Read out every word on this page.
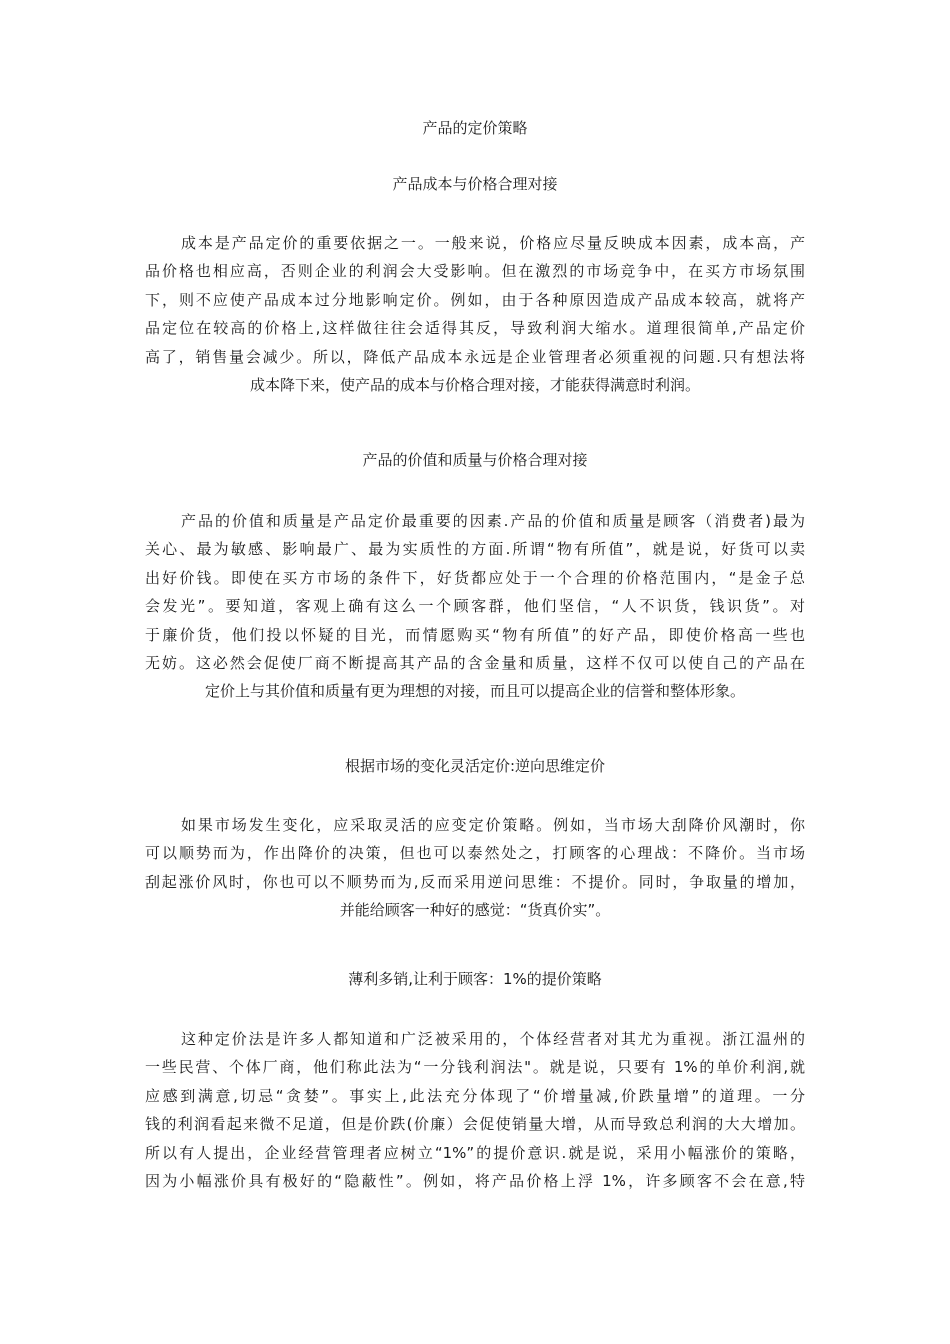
产品的定价策略
产品成本与价格合理对接
成本是产品定价的重要依据之一。一般来说，价格应尽量反映成本因素，成本高，产
品价格也相应高，否则企业的利润会大受影响。但在激烈的市场竞争中，在买方市场氛围
下，则不应使产品成本过分地影响定价。例如，由于各种原因造成产品成本较高，就将产
品定位在较高的价格上,这样做往往会适得其反，导致利润大缩水。道理很简单,产品定价
高了，销售量会减少。所以，降低产品成本永远是企业管理者必须重视的问题.只有想法将
成本降下来，使产品的成本与价格合理对接，才能获得满意时利润。
产品的价值和质量与价格合理对接
产品的价值和质量是产品定价最重要的因素.产品的价值和质量是顾客（消费者)最为
关心、最为敏感、影响最广、最为实质性的方面.所谓“物有所值”，就是说，好货可以卖
出好价钱。即使在买方市场的条件下，好货都应处于一个合理的价格范围内，“是金子总
会发光”。要知道，客观上确有这么一个顾客群，他们坚信，“人不识货，钱识货”。对
于廉价货，他们投以怀疑的目光，而情愿购买“物有所值”的好产品，即使价格高一些也
无妨。这必然会促使厂商不断提高其产品的含金量和质量，这样不仅可以使自己的产品在
定价上与其价值和质量有更为理想的对接，而且可以提高企业的信誉和整体形象。
根据市场的变化灵活定价:逆向思维定价
如果市场发生变化，应采取灵活的应变定价策略。例如，当市场大刮降价风潮时，你
可以顺势而为，作出降价的决策，但也可以泰然处之，打顾客的心理战：不降价。当市场
刮起涨价风时，你也可以不顺势而为,反而采用逆问思维：不提价。同时，争取量的增加，
并能给顾客一种好的感觉：“货真价实”。
薄利多销,让利于顾客：1%的提价策略
这种定价法是许多人都知道和广泛被采用的，个体经营者对其尤为重视。浙江温州的
一些民营、个体厂商，他们称此法为“一分钱利润法"。就是说，只要有 1%的单价利润,就
应感到满意,切忌“贪婪”。事实上,此法充分体现了“价增量减,价跌量增”的道理。一分
钱的利润看起来微不足道，但是价跌(价廉）会促使销量大增，从而导致总利润的大大增加。
所以有人提出，企业经营管理者应树立“1%”的提价意识.就是说，采用小幅涨价的策略，
因为小幅涨价具有极好的“隐蔽性”。例如，将产品价格上浮 1%，许多顾客不会在意,特
